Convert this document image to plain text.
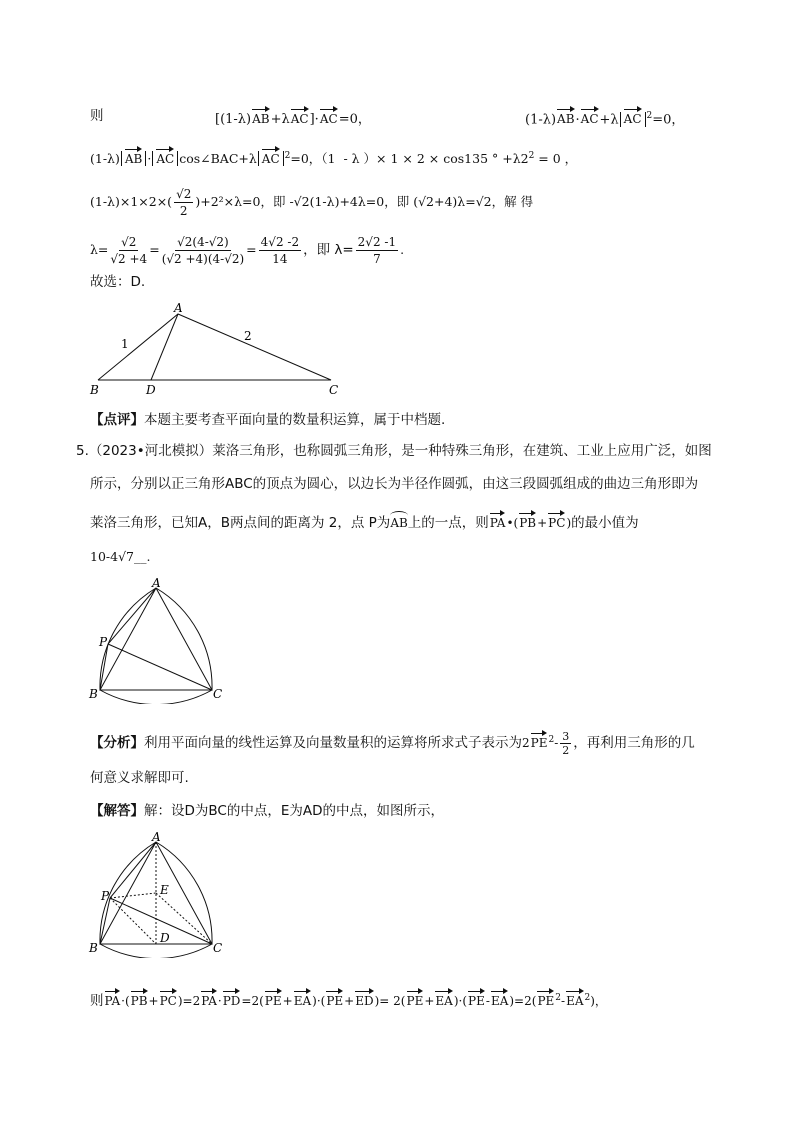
则	[(1-λ)AB+λAC]·AC=0，	(1-λ)AB·AC+λ AC $^2$=0，
(1-λ) AB · AC cos∠BAC+λ AC $^2$=0，（1  - λ ）× 1 × 2 × cos135 ° $+\lambda 2^2 = 0$ ，
$(1-\lambda)\times 1\times 2\times( \frac{√2}{2} )+2^2\times\lambda=0$，即 -√2(1-λ)+4λ=0，即 (√2+4)λ=√2，解 得
$\lambda= \frac{√2}{√2 +4} = \frac{√2(4-√2)}{(√2 +4)(4-√2)} = \frac{4√2 -2}{14}$ ，即 $\lambda= \frac{2√2 -1}{7}$ .
故选：D.
A
B	C
D
1
2
【点评】本题主要考查平面向量的数量积运算，属于中档题.
5.（2023•河北模拟）莱洛三角形，也称圆弧三角形，是一种特殊三角形，在建筑、工业上应用广泛，如图
所示，分别以正三角形ABC的顶点为圆心，以边长为半径作圆弧，由这三段圆弧组成的曲边三角形即为
莱洛三角形，已知A，B两点间的距离为 2，点 P为AB上的一点，则PA•(PB+PC)的最小值为
10-4√7__.
A
B	C
P
【分析】利用平面向量的线性运算及向量数量积的运算将所求式子表示为$2PE^2- \frac{3}{2}$ ，再利用三角形的几
何意义求解即可.
【解答】解：设D为BC的中点，E为AD的中点，如图所示，
A
B	C
P
D
E
则$PA\cdot(PB+PC)=2PA\cdot PD=2(PE+EA)\cdot(PE+ED)= 2(PE+EA)\cdot(PE-EA)=2(PE^2-EA^2)$，
